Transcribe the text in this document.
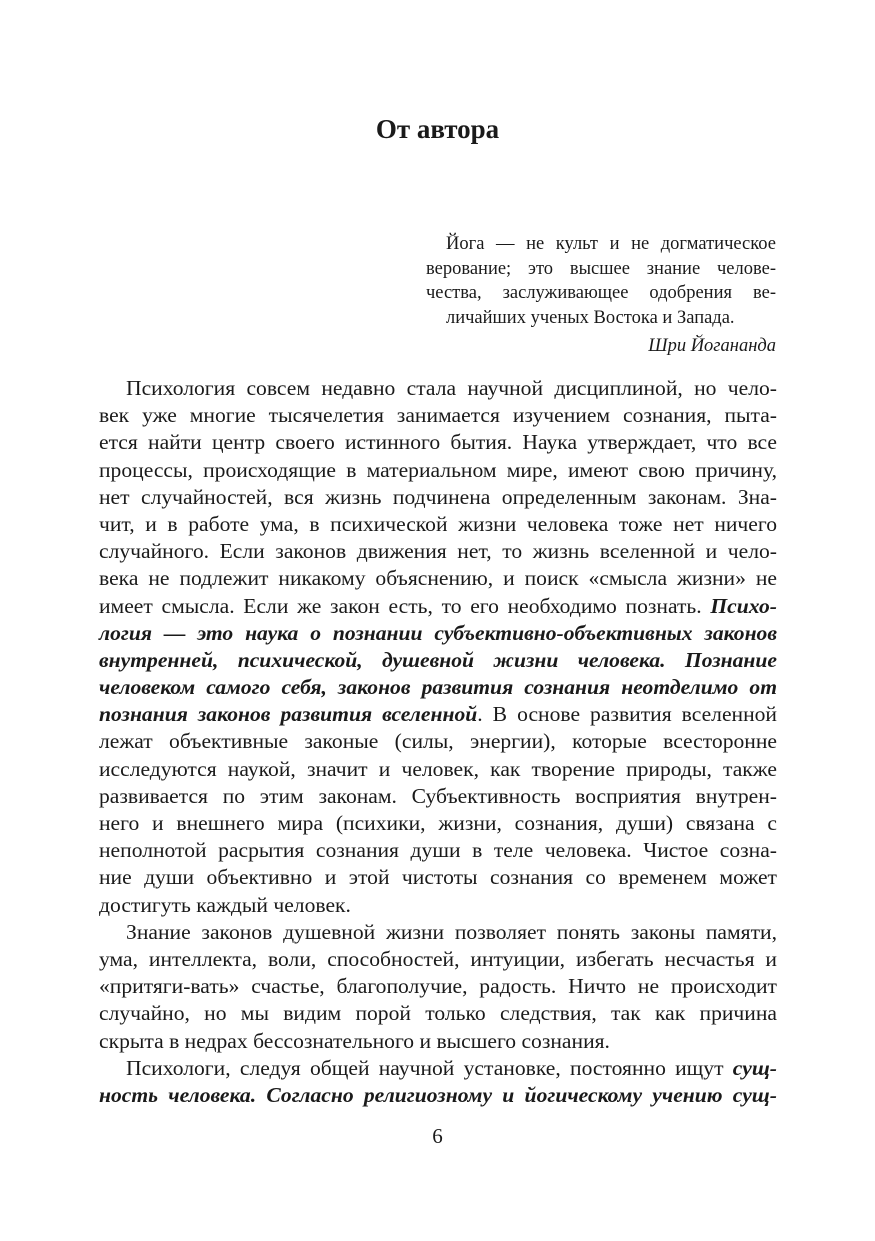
От автора
Йога — не культ и не догматическое
верование; это высшее знание челове-
чества, заслуживающее одобрения ве-
личайших ученых Востока и Запада.
Шри Йогананда
Психология совсем недавно стала научной дисциплиной, но чело-
век уже многие тысячелетия занимается изучением сознания, пыта-
ется найти центр своего истинного бытия. Наука утверждает, что все
процессы, происходящие в материальном мире, имеют свою причину,
нет случайностей, вся жизнь подчинена определенным законам. Зна-
чит, и в работе ума, в психической жизни человека тоже нет ничего
случайного. Если законов движения нет, то жизнь вселенной и чело-
века не подлежит никакому объяснению, и поиск «смысла жизни» не
имеет смысла. Если же закон есть, то его необходимо познать. Психо-
логия — это наука о познании субъективно-объективных законов
внутренней, психической, душевной жизни человека. Познание
человеком самого себя, законов развития сознания неотделимо от
познания законов развития вселенной. В основе развития вселенной
лежат объективные законые (силы, энергии), которые всесторонне
исследуются наукой, значит и человек, как творение природы, также
развивается по этим законам. Субъективность восприятия внутрен-
него и внешнего мира (психики, жизни, сознания, души) связана с
неполнотой расрытия сознания души в теле человека. Чистое созна-
ние души объективно и этой чистоты сознания со временем может
достигуть каждый человек.
Знание законов душевной жизни позволяет понять законы памяти,
ума, интеллекта, воли, способностей, интуиции, избегать несчастья и
«притяги-вать» счастье, благополучие, радость. Ничто не происходит
случайно, но мы видим порой только следствия, так как причина
скрыта в недрах бессознательного и высшего сознания.
Психологи, следуя общей научной установке, постоянно ищут сущ-
ность человека. Согласно религиозному и йогическому учению сущ-
6
